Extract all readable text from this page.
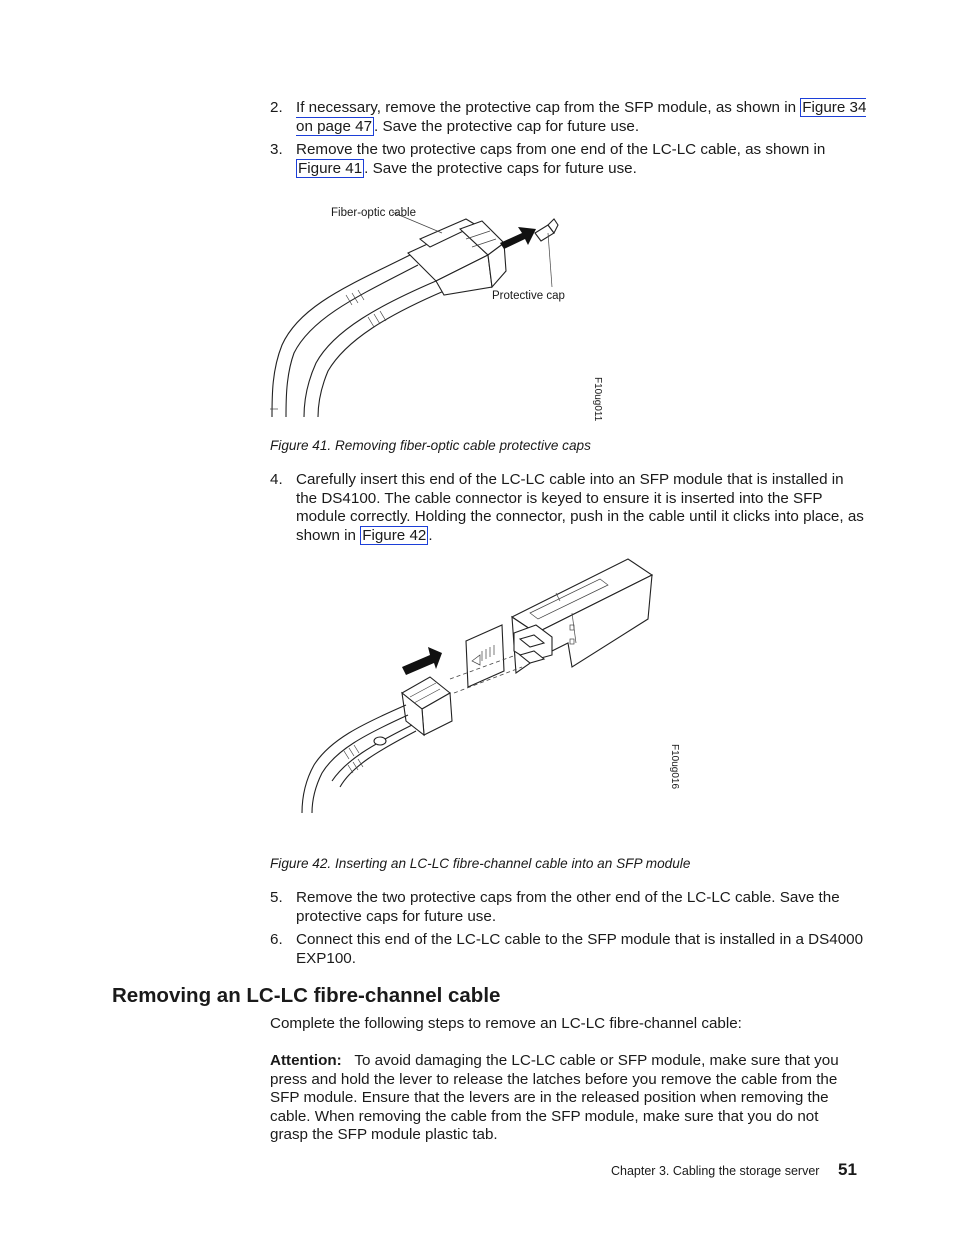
2. If necessary, remove the protective cap from the SFP module, as shown in Figure 34 on page 47 . Save the protective cap for future use.
3. Remove the two protective caps from one end of the LC-LC cable, as shown in Figure 41 . Save the protective caps for future use.
Fiber-optic cable
Protective cap
F10ug011
Figure 41. Removing fiber-optic cable protective caps
4. Carefully insert this end of the LC-LC cable into an SFP module that is installed in the DS4100. The cable connector is keyed to ensure it is inserted into the SFP module correctly. Holding the connector, push in the cable until it clicks into place, as shown in Figure 42 .
F10ug016
Figure 42. Inserting an LC-LC fibre-channel cable into an SFP module
5. Remove the two protective caps from the other end of the LC-LC cable. Save the protective caps for future use.
6. Connect this end of the LC-LC cable to the SFP module that is installed in a DS4000 EXP100.
Removing an LC-LC fibre-channel cable
Complete the following steps to remove an LC-LC fibre-channel cable:
Attention: To avoid damaging the LC-LC cable or SFP module, make sure that you press and hold the lever to release the latches before you remove the cable from the SFP module. Ensure that the levers are in the released position when removing the cable. When removing the cable from the SFP module, make sure that you do not grasp the SFP module plastic tab.
Chapter 3. Cabling the storage server 51
